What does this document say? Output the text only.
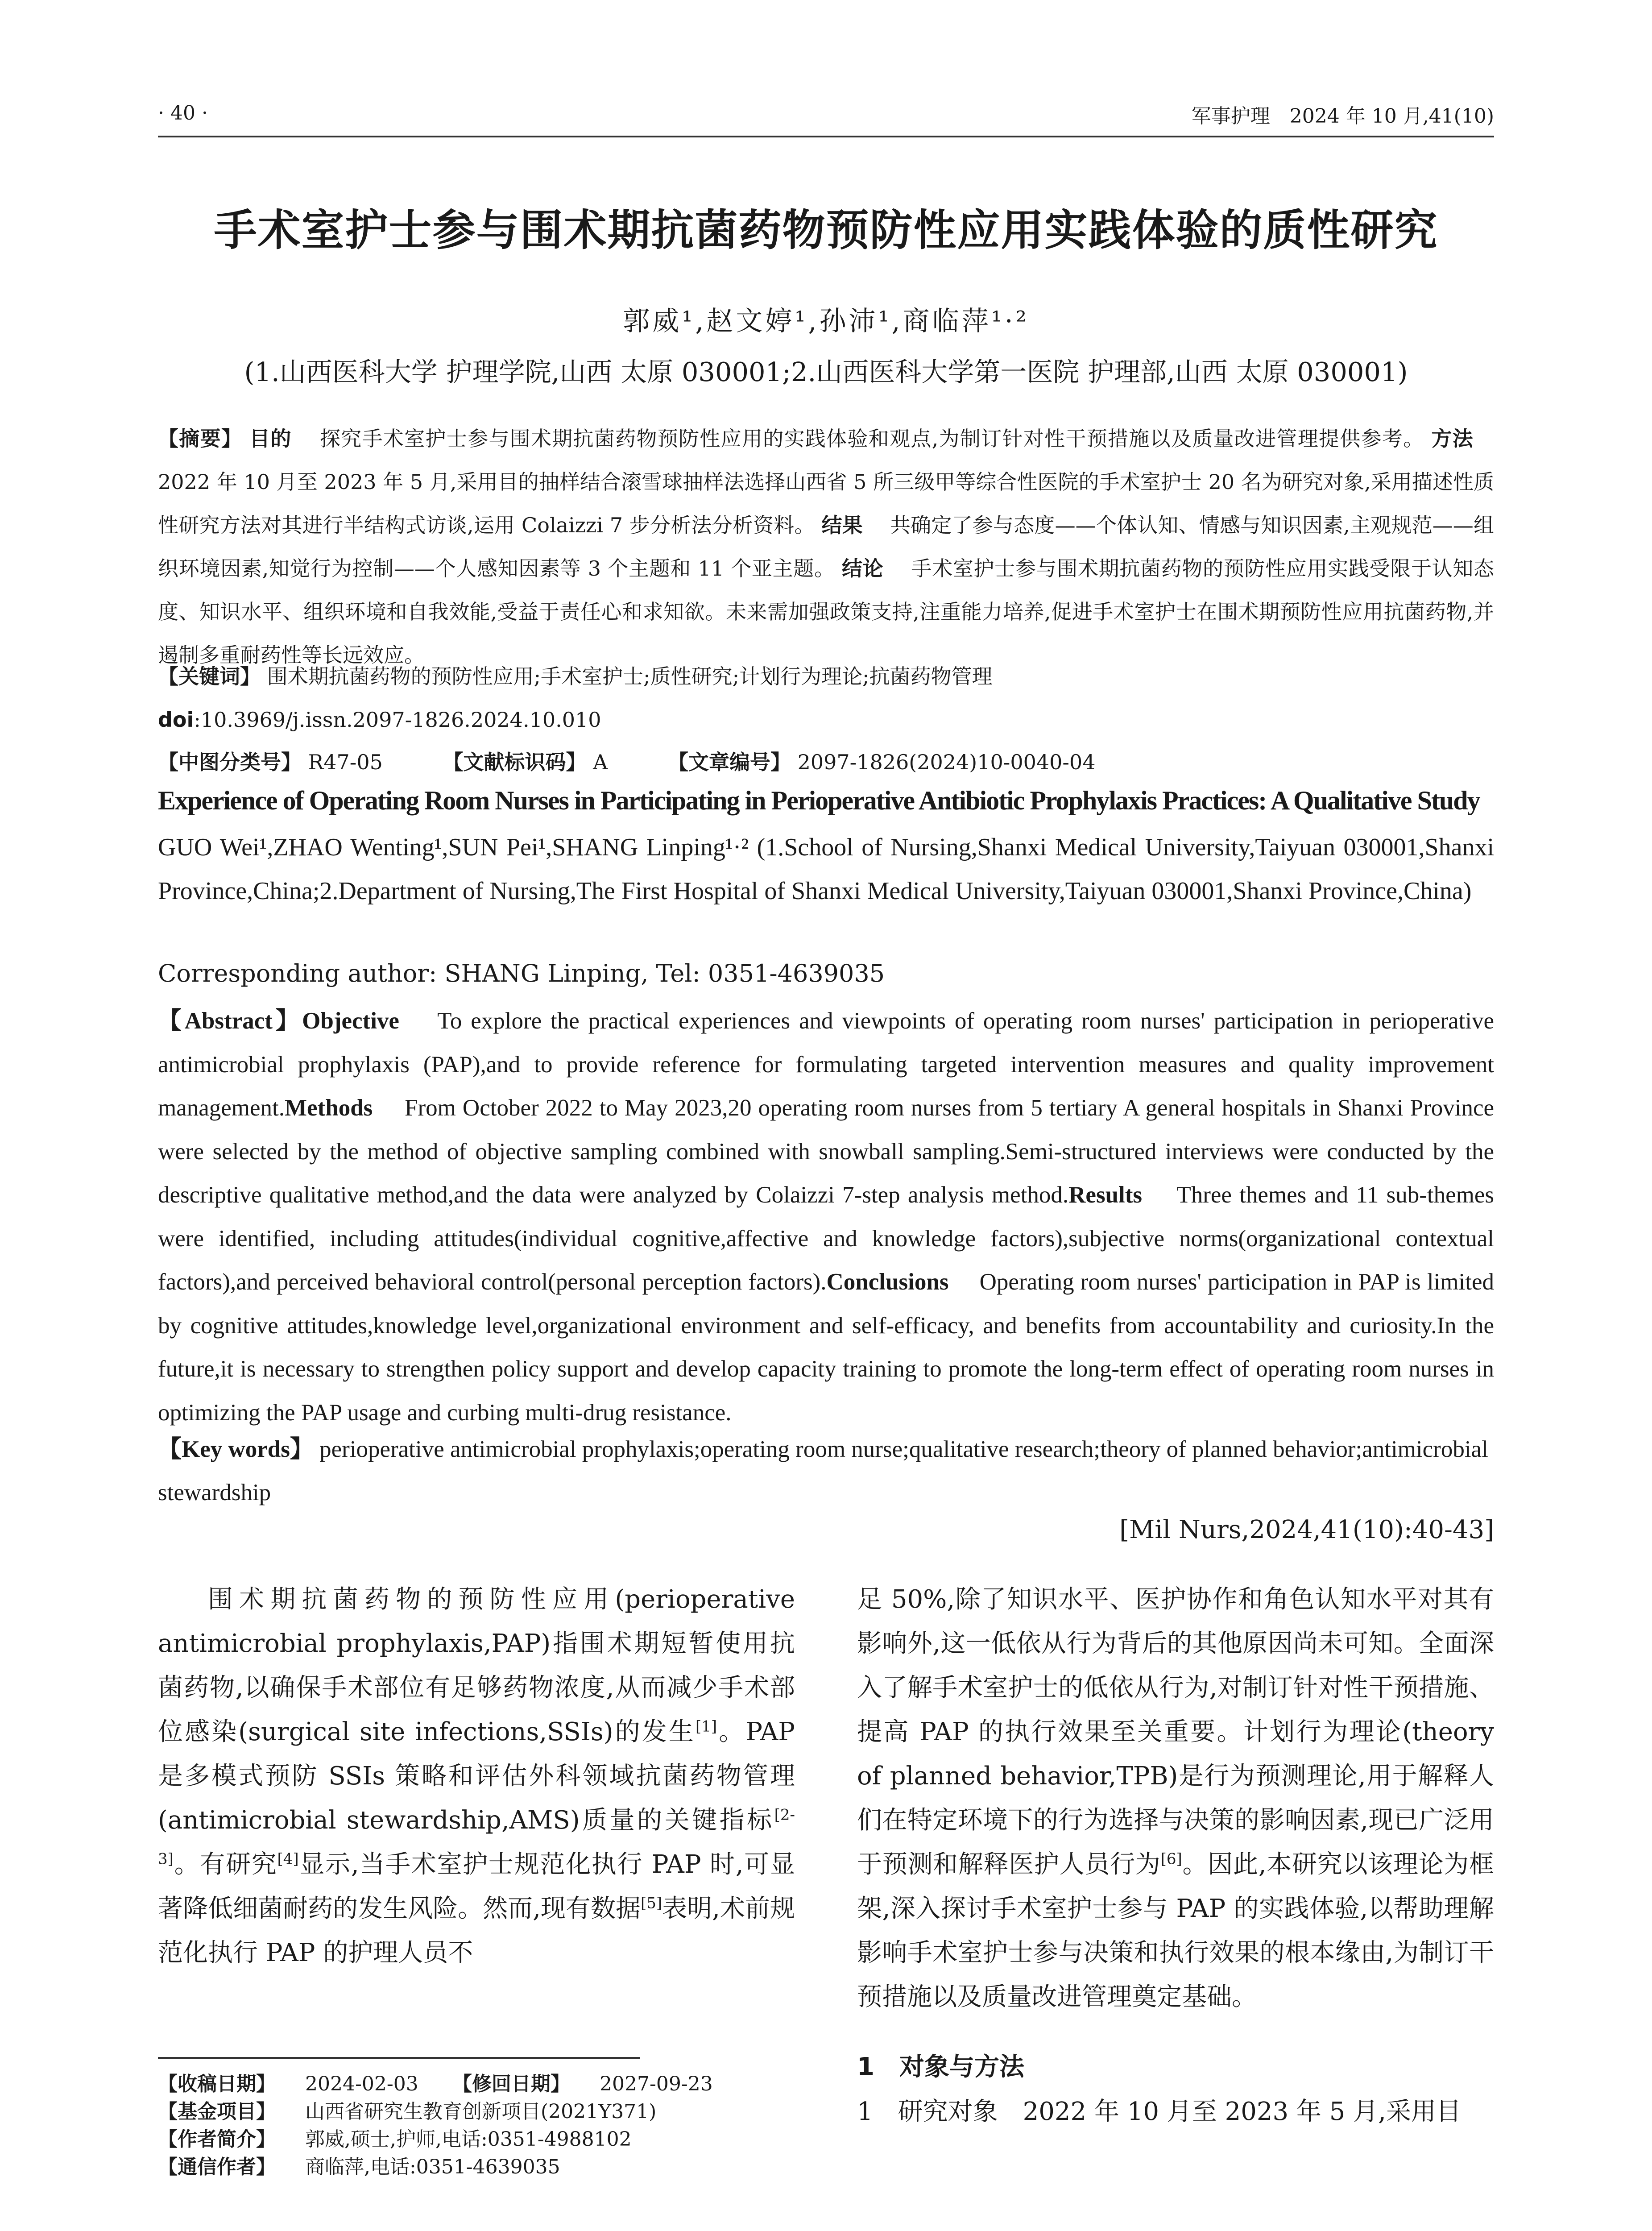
· 40 ·	军事护理　2024 年 10 月,41(10)
手术室护士参与围术期抗菌药物预防性应用实践体验的质性研究
郭威¹,赵文婷¹,孙沛¹,商临萍¹·²
(1.山西医科大学 护理学院,山西 太原 030001;2.山西医科大学第一医院 护理部,山西 太原 030001)
【摘要】 目的　 探究手术室护士参与围术期抗菌药物预防性应用的实践体验和观点,为制订针对性干预措施以及质量改进管理提供参考。 方法　 2022 年 10 月至 2023 年 5 月,采用目的抽样结合滚雪球抽样法选择山西省 5 所三级甲等综合性医院的手术室护士 20 名为研究对象,采用描述性质性研究方法对其进行半结构式访谈,运用 Colaizzi 7 步分析法分析资料。 结果　 共确定了参与态度——个体认知、情感与知识因素,主观规范——组织环境因素,知觉行为控制——个人感知因素等 3 个主题和 11 个亚主题。 结论　 手术室护士参与围术期抗菌药物的预防性应用实践受限于认知态度、知识水平、组织环境和自我效能,受益于责任心和求知欲。未来需加强政策支持,注重能力培养,促进手术室护士在围术期预防性应用抗菌药物,并遏制多重耐药性等长远效应。
【关键词】 围术期抗菌药物的预防性应用;手术室护士;质性研究;计划行为理论;抗菌药物管理
doi:10.3969/j.issn.2097-1826.2024.10.010
【中图分类号】 R47-05	【文献标识码】 A	【文章编号】 2097-1826(2024)10-0040-04
Experience of Operating Room Nurses in Participating in Perioperative Antibiotic Prophylaxis Practices: A Qualitative Study
GUO Wei¹,ZHAO Wenting¹,SUN Pei¹,SHANG Linping¹·² (1.School of Nursing,Shanxi Medical University,Taiyuan 030001,Shanxi Province,China;2.Department of Nursing,The First Hospital of Shanxi Medical University,Taiyuan 030001,Shanxi Province,China)
Corresponding author: SHANG Linping, Tel: 0351-4639035
【Abstract】Objective　 To explore the practical experiences and viewpoints of operating room nurses' participation in perioperative antimicrobial prophylaxis (PAP),and to provide reference for formulating targeted intervention measures and quality improvement management.Methods　 From October 2022 to May 2023,20 operating room nurses from 5 tertiary A general hospitals in Shanxi Province were selected by the method of objective sampling combined with snowball sampling.Semi-structured interviews were conducted by the descriptive qualitative method,and the data were analyzed by Colaizzi 7-step analysis method.Results　 Three themes and 11 sub-themes were identified, including attitudes(individual cognitive,affective and knowledge factors),subjective norms(organizational contextual factors),and perceived behavioral control(personal perception factors).Conclusions　 Operating room nurses' participation in PAP is limited by cognitive attitudes,knowledge level,organizational environment and self-efficacy, and benefits from accountability and curiosity.In the future,it is necessary to strengthen policy support and develop capacity training to promote the long-term effect of operating room nurses in optimizing the PAP usage and curbing multi-drug resistance.
【Key words】 perioperative antimicrobial prophylaxis;operating room nurse;qualitative research;theory of planned behavior;antimicrobial stewardship
[Mil Nurs,2024,41(10):40-43]

围术期抗菌药物的预防性应用(perioperative antimicrobial prophylaxis,PAP)指围术期短暂使用抗菌药物,以确保手术部位有足够药物浓度,从而减少手术部位感染(surgical site infections,SSIs)的发生[1]。PAP 是多模式预防 SSIs 策略和评估外科领域抗菌药物管理(antimicrobial stewardship,AMS)质量的关键指标[2-3]。有研究[4]显示,当手术室护士规范化执行 PAP 时,可显著降低细菌耐药的发生风险。然而,现有数据[5]表明,术前规范化执行 PAP 的护理人员不

【收稿日期】	2024-02-03	【修回日期】	2027-09-23
【基金项目】	山西省研究生教育创新项目(2021Y371)
【作者简介】	郭威,硕士,护师,电话:0351-4988102
【通信作者】	商临萍,电话:0351-4639035

足 50%,除了知识水平、医护协作和角色认知水平对其有影响外,这一低依从行为背后的其他原因尚未可知。全面深入了解手术室护士的低依从行为,对制订针对性干预措施、提高 PAP 的执行效果至关重要。计划行为理论(theory of planned behavior,TPB)是行为预测理论,用于解释人们在特定环境下的行为选择与决策的影响因素,现已广泛用于预测和解释医护人员行为[6]。因此,本研究以该理论为框架,深入探讨手术室护士参与 PAP 的实践体验,以帮助理解影响手术室护士参与决策和执行效果的根本缘由,为制订干预措施以及质量改进管理奠定基础。

1　对象与方法
1　研究对象　2022 年 10 月至 2023 年 5 月,采用目
